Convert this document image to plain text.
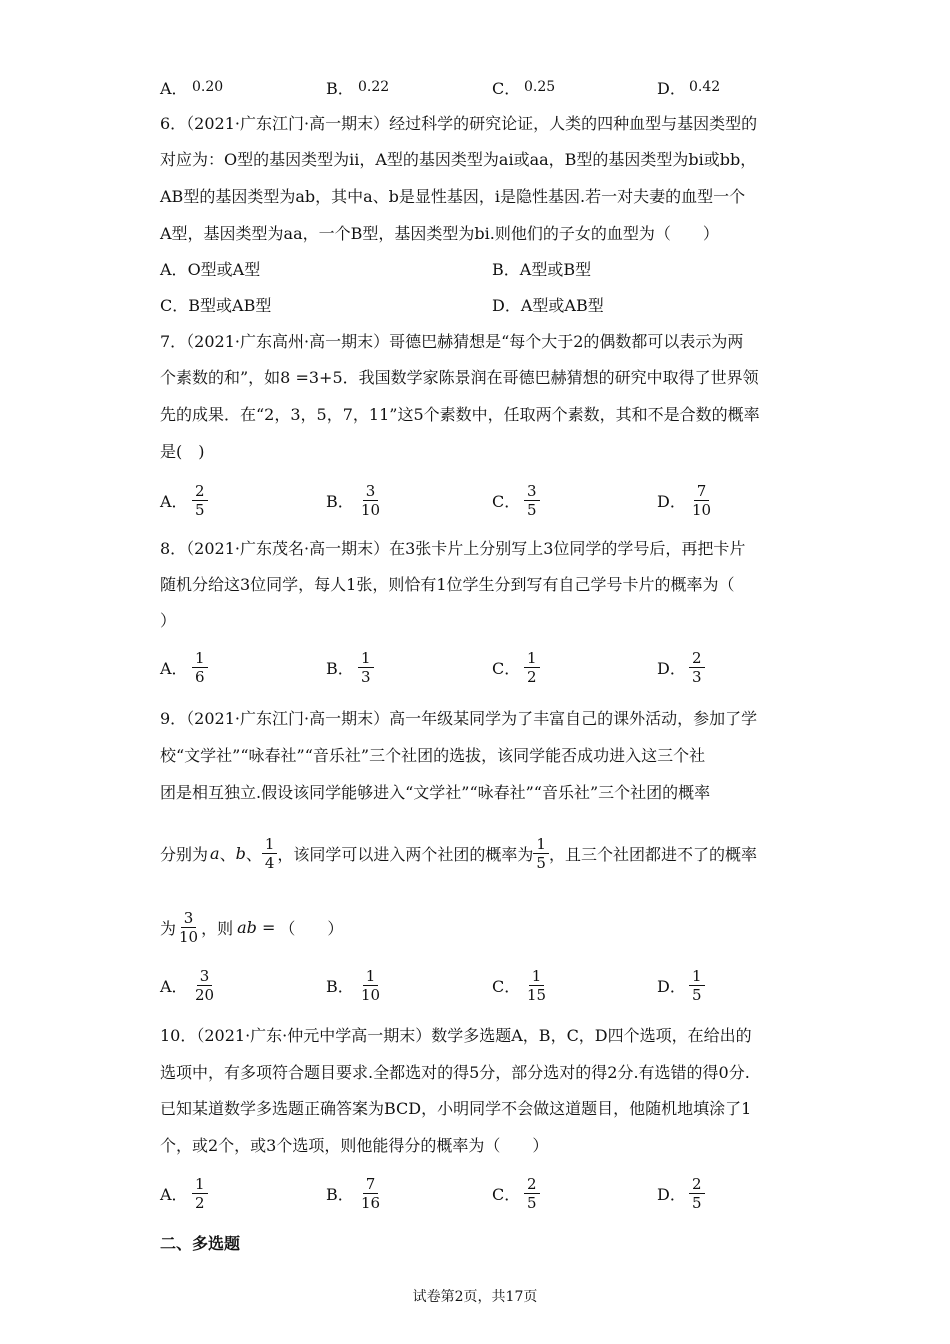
A． 0.20	B． 0.22	C． 0.25	D． 0.42
6．（2021·广东江门·高一期末）经过科学的研究论证，人类的四种血型与基因类型的
对应为：O型的基因类型为ii，A型的基因类型为ai或aa，B型的基因类型为bi或bb，
AB型的基因类型为ab，其中a、b是显性基因，i是隐性基因.若一对夫妻的血型一个
A型，基因类型为aa，一个B型，基因类型为bi.则他们的子女的血型为（　　）
A．O型或A型	B．A型或B型
C．B型或AB型	D．A型或AB型
7．（2021·广东高州·高一期末）哥德巴赫猜想是“每个大于2的偶数都可以表示为两
个素数的和”，如8 =3+5．我国数学家陈景润在哥德巴赫猜想的研究中取得了世界领
先的成果．在“2，3，5，7，11”这5个素数中，任取两个素数，其和不是合数的概率
是(　)
A． $\frac{2}{5}$	B． $\frac{3}{10}$	C． $\frac{3}{5}$	D． $\frac{7}{10}$
8．（2021·广东茂名·高一期末）在3张卡片上分别写上3位同学的学号后，再把卡片
随机分给这3位同学，每人1张，则恰有1位学生分到写有自己学号卡片的概率为（
）
A． $\frac{1}{6}$	B． $\frac{1}{3}$	C． $\frac{1}{2}$	D． $\frac{2}{3}$
9．（2021·广东江门·高一期末）高一年级某同学为了丰富自己的课外活动，参加了学
校“文学社”“咏春社”“音乐社”三个社团的选拔，该同学能否成功进入这三个社
团是相互独立.假设该同学能够进入“文学社”“咏春社”“音乐社”三个社团的概率
分别为 a 、 b 、 $\frac{1}{4}$ ，该同学可以进入两个社团的概率为 $\frac{1}{5}$ ，且三个社团都进不了的概率
为 $\frac{3}{10}$ ，则 ab = （　　）
A． $\frac{3}{20}$	B． $\frac{1}{10}$	C． $\frac{1}{15}$	D． $\frac{1}{5}$
10．（2021·广东·仲元中学高一期末）数学多选题A，B，C，D四个选项，在给出的
选项中，有多项符合题目要求.全都选对的得5分，部分选对的得2分.有选错的得0分.
已知某道数学多选题正确答案为BCD，小明同学不会做这道题目，他随机地填涂了1
个，或2个，或3个选项，则他能得分的概率为（　　）
A． $\frac{1}{2}$	B． $\frac{7}{16}$	C． $\frac{2}{5}$	D． $\frac{2}{5}$
二、多选题
试卷第2页，共17页
